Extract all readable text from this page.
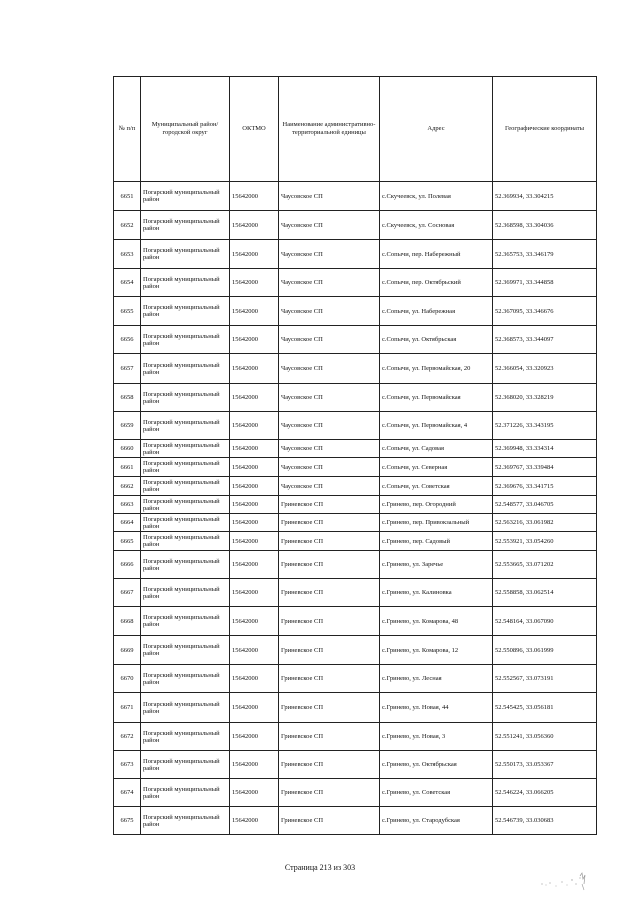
№ п/п	Муниципальный район/городской округ	ОКТМО	Наименование административно-территориальной единицы	Адрес	Географические координаты
6651	Погарский муниципальный район	15642000	Чаусовское СП	с.Скучеевск, ул. Полевая	52.369934, 33.304215
6652	Погарский муниципальный район	15642000	Чаусовское СП	с.Скучеевск, ул. Сосновая	52.368598, 33.304036
6653	Погарский муниципальный район	15642000	Чаусовское СП	с.Сопычи, пер. Набережный	52.365753, 33.346179
6654	Погарский муниципальный район	15642000	Чаусовское СП	с.Сопычи, пер. Октябрьский	52.369971, 33.344858
6655	Погарский муниципальный район	15642000	Чаусовское СП	с.Сопычи, ул. Набережная	52.367095, 33.346676
6656	Погарский муниципальный район	15642000	Чаусовское СП	с.Сопычи, ул. Октябрьская	52.368573, 33.344097
6657	Погарский муниципальный район	15642000	Чаусовское СП	с.Сопычи, ул. Первомайская, 20	52.366054, 33.320923
6658	Погарский муниципальный район	15642000	Чаусовское СП	с.Сопычи, ул. Первомайская	52.368020, 33.328219
6659	Погарский муниципальный район	15642000	Чаусовское СП	с.Сопычи, ул. Первомайская, 4	52.371226, 33.343195
6660	Погарский муниципальный район	15642000	Чаусовское СП	с.Сопычи, ул. Садовая	52.369948, 33.334314
6661	Погарский муниципальный район	15642000	Чаусовское СП	с.Сопычи, ул. Северная	52.369767, 33.339484
6662	Погарский муниципальный район	15642000	Чаусовское СП	с.Сопычи, ул. Советская	52.369676, 33.341715
6663	Погарский муниципальный район	15642000	Гриневское СП	с.Гринево, пер. Огородний	52.548577, 33.046705
6664	Погарский муниципальный район	15642000	Гриневское СП	с.Гринево, пер. Привокзальный	52.563216, 33.061982
6665	Погарский муниципальный район	15642000	Гриневское СП	с.Гринево, пер. Садовый	52.553921, 33.054260
6666	Погарский муниципальный район	15642000	Гриневское СП	с.Гринево, ул. Заречье	52.553665, 33.071202
6667	Погарский муниципальный район	15642000	Гриневское СП	с.Гринево, ул. Калиновка	52.558858, 33.062514
6668	Погарский муниципальный район	15642000	Гриневское СП	с.Гринево, ул. Комарова, 48	52.548164, 33.067090
6669	Погарский муниципальный район	15642000	Гриневское СП	с.Гринево, ул. Комарова, 12	52.550896, 33.061999
6670	Погарский муниципальный район	15642000	Гриневское СП	с.Гринево, ул. Лесная	52.552567, 33.073191
6671	Погарский муниципальный район	15642000	Гриневское СП	с.Гринево, ул. Новая, 44	52.545425, 33.056181
6672	Погарский муниципальный район	15642000	Гриневское СП	с.Гринево, ул. Новая, 3	52.551241, 33.056360
6673	Погарский муниципальный район	15642000	Гриневское СП	с.Гринево, ул. Октябрьская	52.550173, 33.053367
6674	Погарский муниципальный район	15642000	Гриневское СП	с.Гринево, ул. Советская	52.546224, 33.066205
6675	Погарский муниципальный район	15642000	Гриневское СП	с.Гринево, ул. Стародубская	52.546739, 33.030683
Страница 213 из 303
